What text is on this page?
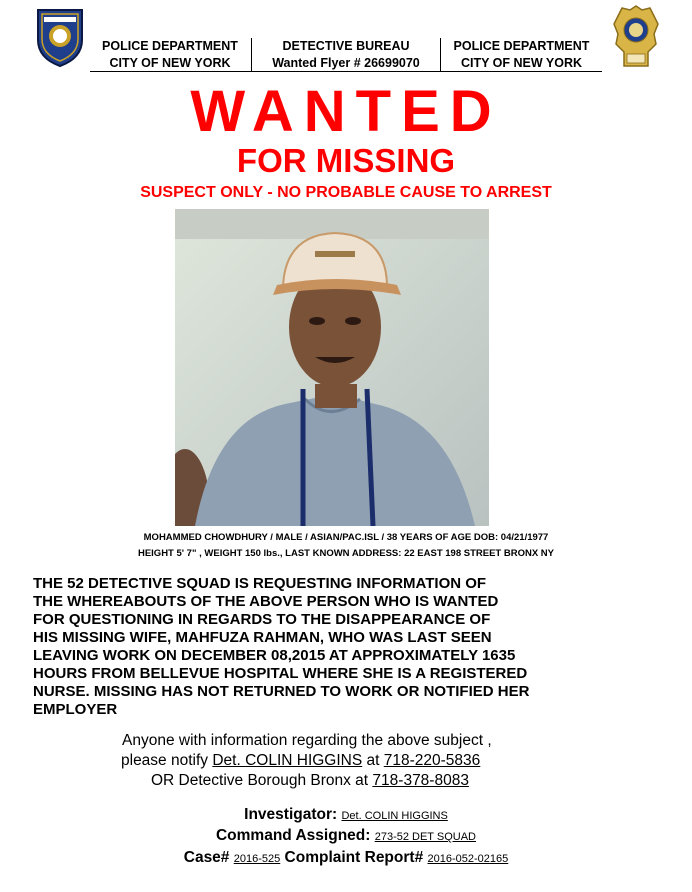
POLICE DEPARTMENT
CITY OF NEW YORK
DETECTIVE BUREAU
Wanted Flyer # 26699070
POLICE DEPARTMENT
CITY OF NEW YORK
WANTED
FOR MISSING
SUSPECT ONLY - NO PROBABLE CAUSE TO ARREST
MOHAMMED CHOWDHURY / MALE / ASIAN/PAC.ISL / 38 YEARS OF AGE DOB: 04/21/1977
HEIGHT 5' 7" , WEIGHT 150 lbs., LAST KNOWN ADDRESS: 22 EAST 198 STREET BRONX NY
THE 52 DETECTIVE SQUAD IS REQUESTING INFORMATION OF
THE WHEREABOUTS OF THE ABOVE PERSON WHO IS WANTED
FOR QUESTIONING IN REGARDS TO THE DISAPPEARANCE OF
HIS MISSING WIFE, MAHFUZA RAHMAN, WHO WAS LAST SEEN
LEAVING WORK ON DECEMBER 08,2015 AT APPROXIMATELY 1635
HOURS FROM BELLEVUE HOSPITAL WHERE SHE IS A REGISTERED
NURSE. MISSING HAS NOT RETURNED TO WORK OR NOTIFIED HER
EMPLOYER
Anyone with information regarding the above subject ,
please notify Det. COLIN HIGGINS at 718-220-5836
OR Detective Borough Bronx at 718-378-8083
Investigator: Det. COLIN HIGGINS
Command Assigned: 273-52 DET SQUAD
Case# 2016-525 Complaint Report# 2016-052-02165
